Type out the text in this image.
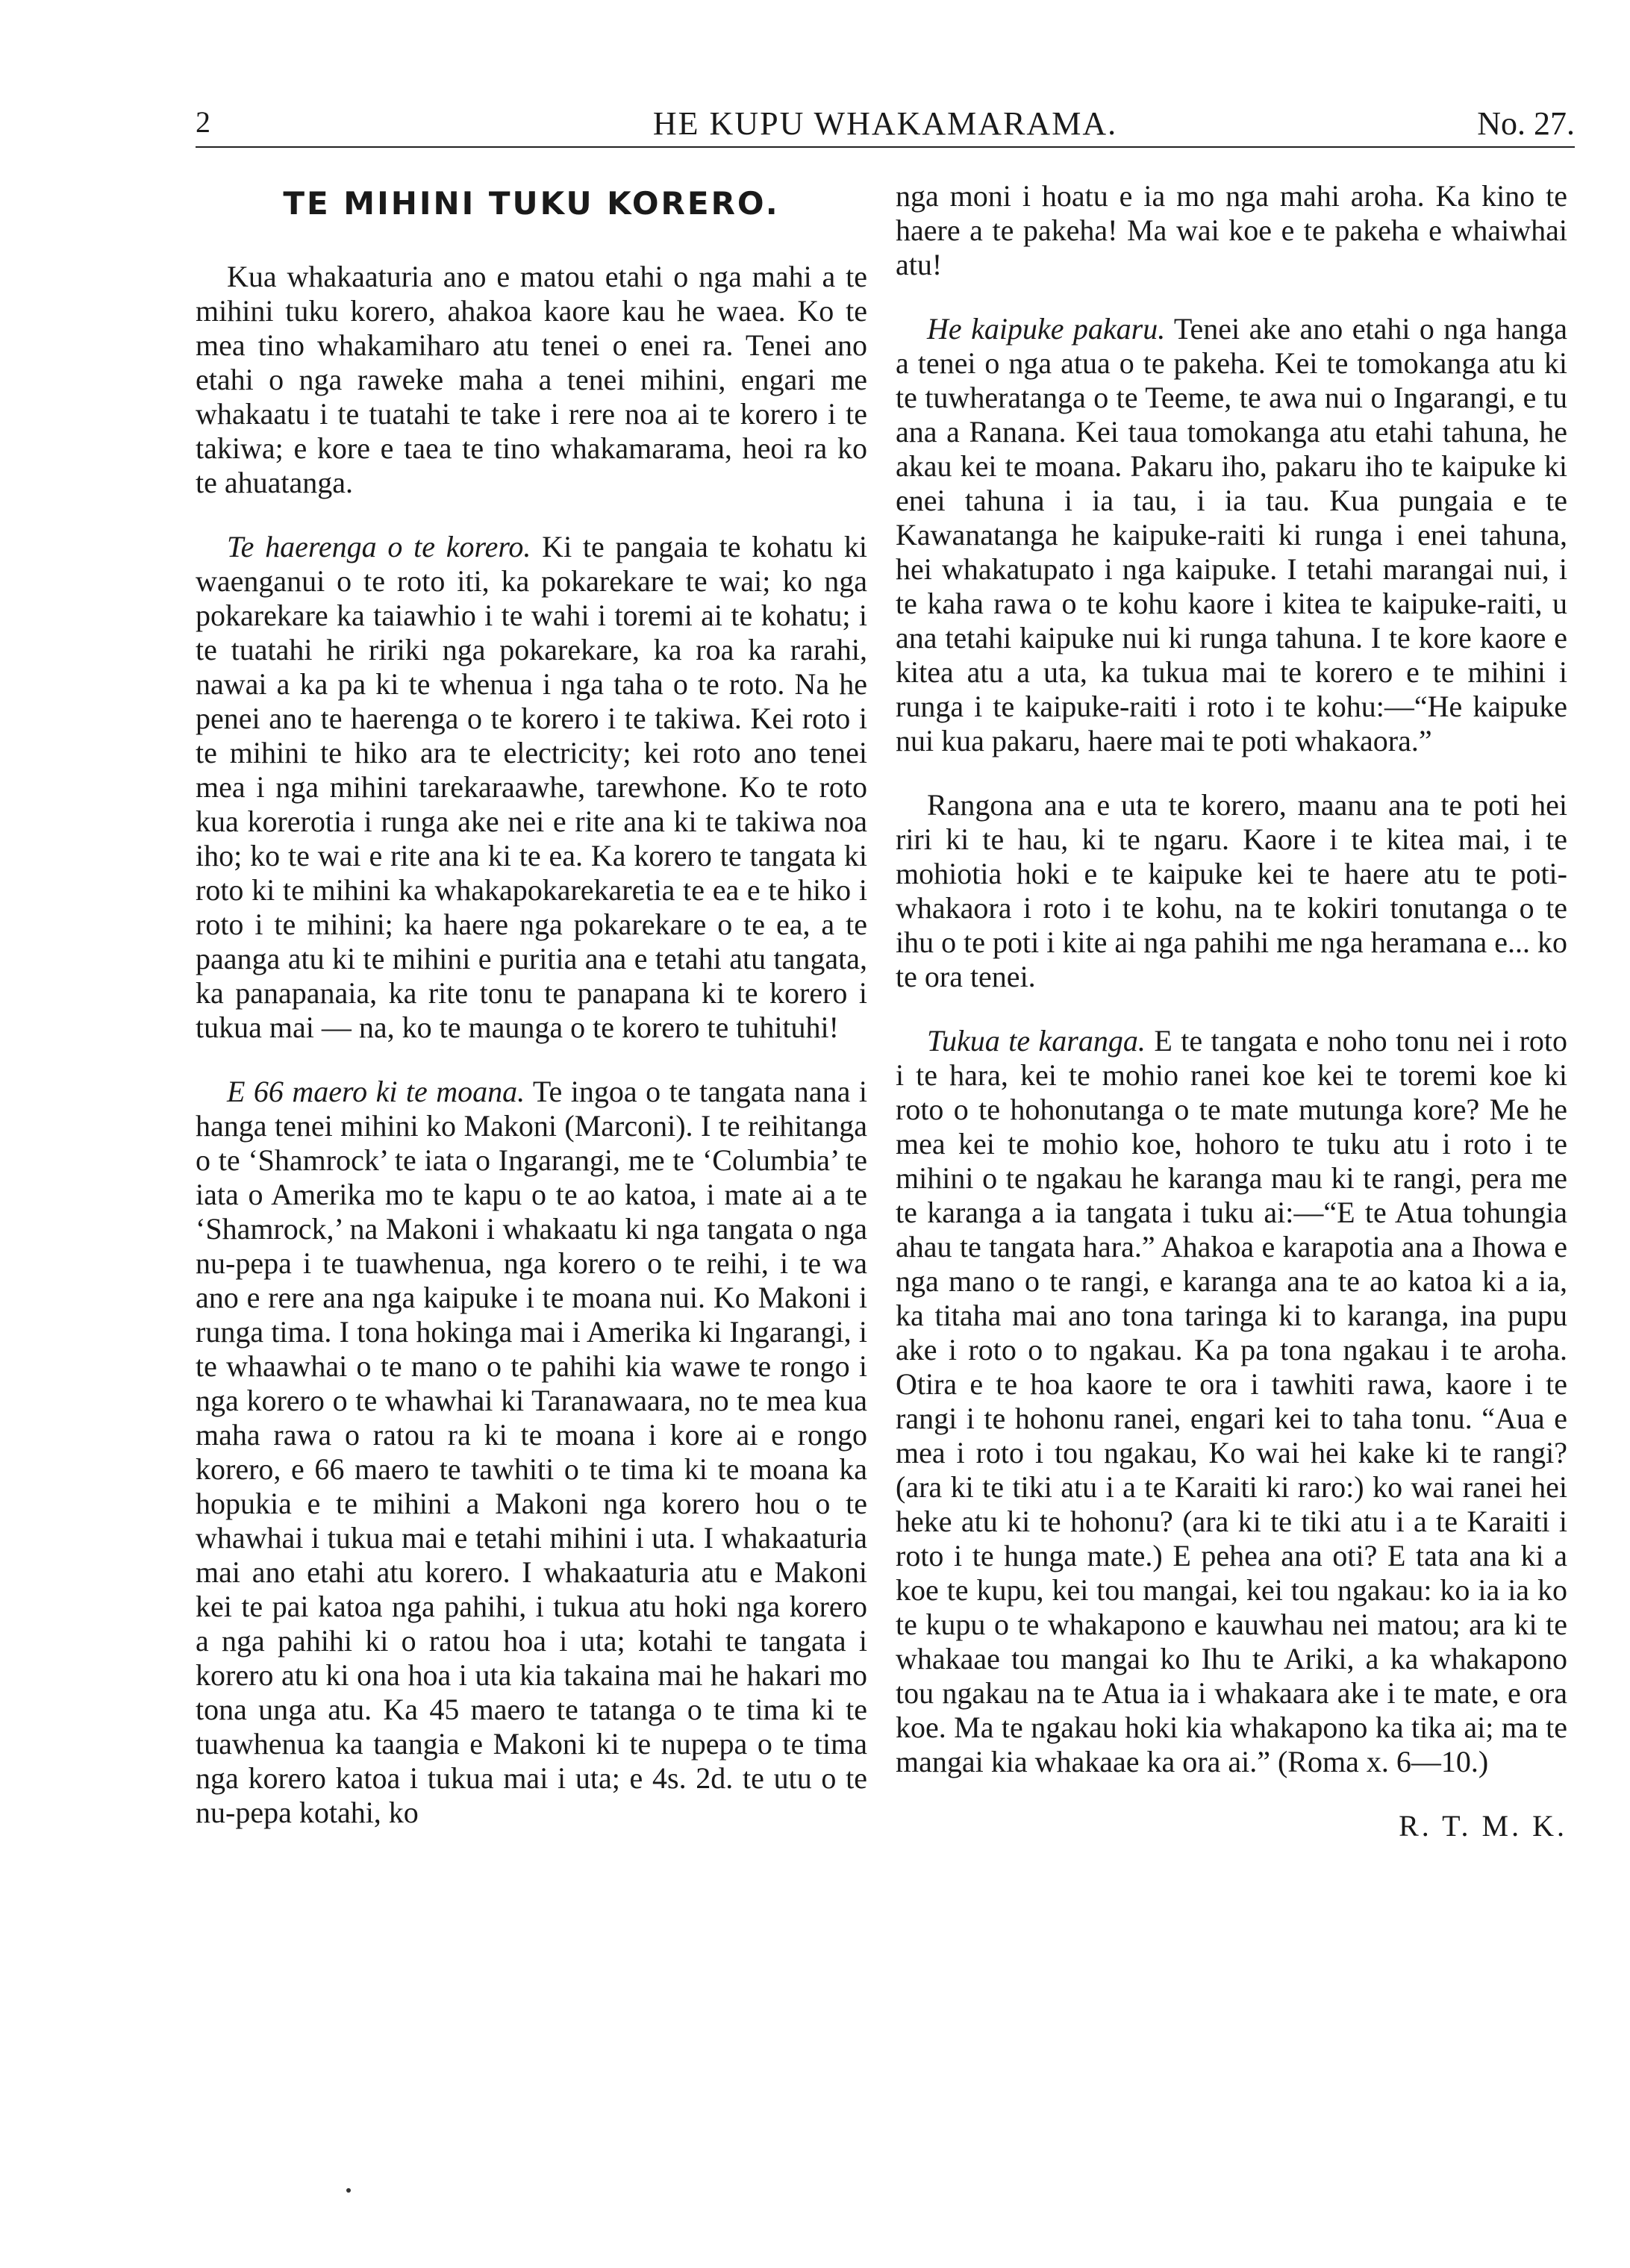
2	HE KUPU WHAKAMARAMA.	No. 27.
TE MIHINI TUKU KORERO.

Kua whakaaturia ano e matou etahi o nga mahi a te mihini tuku korero, ahakoa kaore kau he waea. Ko te mea tino whakamiharo atu tenei o enei ra. Tenei ano etahi o nga raweke maha a tenei mihini, engari me whakaatu i te tuatahi te take i rere noa ai te korero i te takiwa; e kore e taea te tino whakamarama, heoi ra ko te ahuatanga.

Te haerenga o te korero. Ki te pangaia te kohatu ki waenganui o te roto iti, ka pokarekare te wai; ko nga pokarekare ka taiawhio i te wahi i toremi ai te kohatu; i te tuatahi he ririki nga pokarekare, ka roa ka rarahi, nawai a ka pa ki te whenua i nga taha o te roto. Na he penei ano te haerenga o te korero i te takiwa. Kei roto i te mihini te hiko ara te electricity; kei roto ano tenei mea i nga mihini tarekaraawhe, tarewhone. Ko te roto kua korerotia i runga ake nei e rite ana ki te takiwa noa iho; ko te wai e rite ana ki te ea. Ka korero te tangata ki roto ki te mihini ka whakapokarekaretia te ea e te hiko i roto i te mihini; ka haere nga pokarekare o te ea, a te paanga atu ki te mihini e puritia ana e tetahi atu tangata, ka panapanaia, ka rite tonu te panapana ki te korero i tukua mai — na, ko te maunga o te korero te tuhituhi!

E 66 maero ki te moana. Te ingoa o te tangata nana i hanga tenei mihini ko Makoni (Marconi). I te reihitanga o te ‘Shamrock’ te iata o Ingarangi, me te ‘Columbia’ te iata o Amerika mo te kapu o te ao katoa, i mate ai a te ‘Shamrock,’ na Makoni i whakaatu ki nga tangata o nga nu-pepa i te tuawhenua, nga korero o te reihi, i te wa ano e rere ana nga kaipuke i te moana nui. Ko Makoni i runga tima. I tona hokinga mai i Amerika ki Ingarangi, i te whaawhai o te mano o te pahihi kia wawe te rongo i nga korero o te whawhai ki Taranawaara, no te mea kua maha rawa o ratou ra ki te moana i kore ai e rongo korero, e 66 maero te tawhiti o te tima ki te moana ka hopukia e te mihini a Makoni nga korero hou o te whawhai i tukua mai e tetahi mihini i uta. I whakaaturia mai ano etahi atu korero. I whakaaturia atu e Makoni kei te pai katoa nga pahihi, i tukua atu hoki nga korero a nga pahihi ki o ratou hoa i uta; kotahi te tangata i korero atu ki ona hoa i uta kia takaina mai he hakari mo tona unga atu. Ka 45 maero te tatanga o te tima ki te tuawhenua ka taangia e Makoni ki te nupepa o te tima nga korero katoa i tukua mai i uta; e 4s. 2d. te utu o te nu-pepa kotahi, ko

nga moni i hoatu e ia mo nga mahi aroha. Ka kino te haere a te pakeha! Ma wai koe e te pakeha e whaiwhai atu!

He kaipuke pakaru. Tenei ake ano etahi o nga hanga a tenei o nga atua o te pakeha. Kei te tomokanga atu ki te tuwheratanga o te Teeme, te awa nui o Ingarangi, e tu ana a Ranana. Kei taua tomokanga atu etahi tahuna, he akau kei te moana. Pakaru iho, pakaru iho te kaipuke ki enei tahuna i ia tau, i ia tau. Kua pungaia e te Kawanatanga he kaipuke-raiti ki runga i enei tahuna, hei whakatupato i nga kaipuke. I tetahi marangai nui, i te kaha rawa o te kohu kaore i kitea te kaipuke-raiti, u ana tetahi kaipuke nui ki runga tahuna. I te kore kaore e kitea atu a uta, ka tukua mai te korero e te mihini i runga i te kaipuke-raiti i roto i te kohu:—“He kaipuke nui kua pakaru, haere mai te poti whakaora.”

Rangona ana e uta te korero, maanu ana te poti hei riri ki te hau, ki te ngaru. Kaore i te kitea mai, i te mohiotia hoki e te kaipuke kei te haere atu te poti-whakaora i roto i te kohu, na te kokiri tonutanga o te ihu o te poti i kite ai nga pahihi me nga heramana e... ko te ora tenei.

Tukua te karanga. E te tangata e noho tonu nei i roto i te hara, kei te mohio ranei koe kei te toremi koe ki roto o te hohonutanga o te mate mutunga kore? Me he mea kei te mohio koe, hohoro te tuku atu i roto i te mihini o te ngakau he karanga mau ki te rangi, pera me te karanga a ia tangata i tuku ai:—“E te Atua tohungia ahau te tangata hara.” Ahakoa e karapotia ana a Ihowa e nga mano o te rangi, e karanga ana te ao katoa ki a ia, ka titaha mai ano tona taringa ki to karanga, ina pupu ake i roto o to ngakau. Ka pa tona ngakau i te aroha. Otira e te hoa kaore te ora i tawhiti rawa, kaore i te rangi i te hohonu ranei, engari kei to taha tonu. “Aua e mea i roto i tou ngakau, Ko wai hei kake ki te rangi? (ara ki te tiki atu i a te Karaiti ki raro:) ko wai ranei hei heke atu ki te hohonu? (ara ki te tiki atu i a te Karaiti i roto i te hunga mate.) E pehea ana oti? E tata ana ki a koe te kupu, kei tou mangai, kei tou ngakau: ko ia ia ko te kupu o te whakapono e kauwhau nei matou; ara ki te whakaae tou mangai ko Ihu te Ariki, a ka whakapono tou ngakau na te Atua ia i whakaara ake i te mate, e ora koe. Ma te ngakau hoki kia whakapono ka tika ai; ma te mangai kia whakaae ka ora ai.” (Roma x. 6—10.)

R. T. M. K.
